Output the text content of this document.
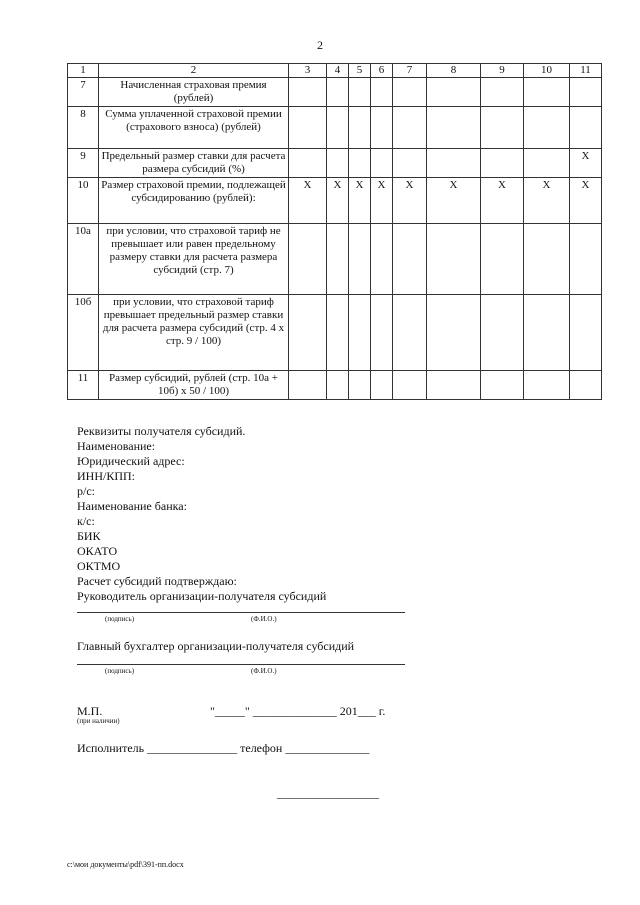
2
1	2	3	4	5	6	7	8	9	10	11
7	Начисленная страховая премия (рублей)									
8	Сумма уплаченной страховой премии (страхового взноса) (рублей)									
9	Предельный размер ставки для расчета размера субсидий (%)									X
10	Размер страховой премии, подлежащей субсидированию (рублей):	X	X	X	X	X	X	X	X	X
10а	при условии, что страховой тариф не превышает или равен предельному размеру ставки для расчета размера субсидий (стр. 7)									
10б	при условии, что страховой тариф превышает предельный размер ставки для расчета размера субсидий (стр. 4 х стр. 9 / 100)									
11	Размер субсидий, рублей (стр. 10а + 10б) х 50 / 100)									
Реквизиты получателя субсидий.
Наименование:
Юридический адрес:
ИНН/КПП:
р/с:
Наименование банка:
к/с:
БИК
ОКАТО
ОКТМО
Расчет субсидий подтверждаю:
Руководитель организации-получателя субсидий
(подпись)	(Ф.И.О.)
Главный бухгалтер организации-получателя субсидий
(подпись)	(Ф.И.О.)
М.П.
(при наличии)
"_____" ______________ 201___ г.
Исполнитель _______________ телефон ______________
_________________
c:\мои документы\pdf\391-пп.docx
